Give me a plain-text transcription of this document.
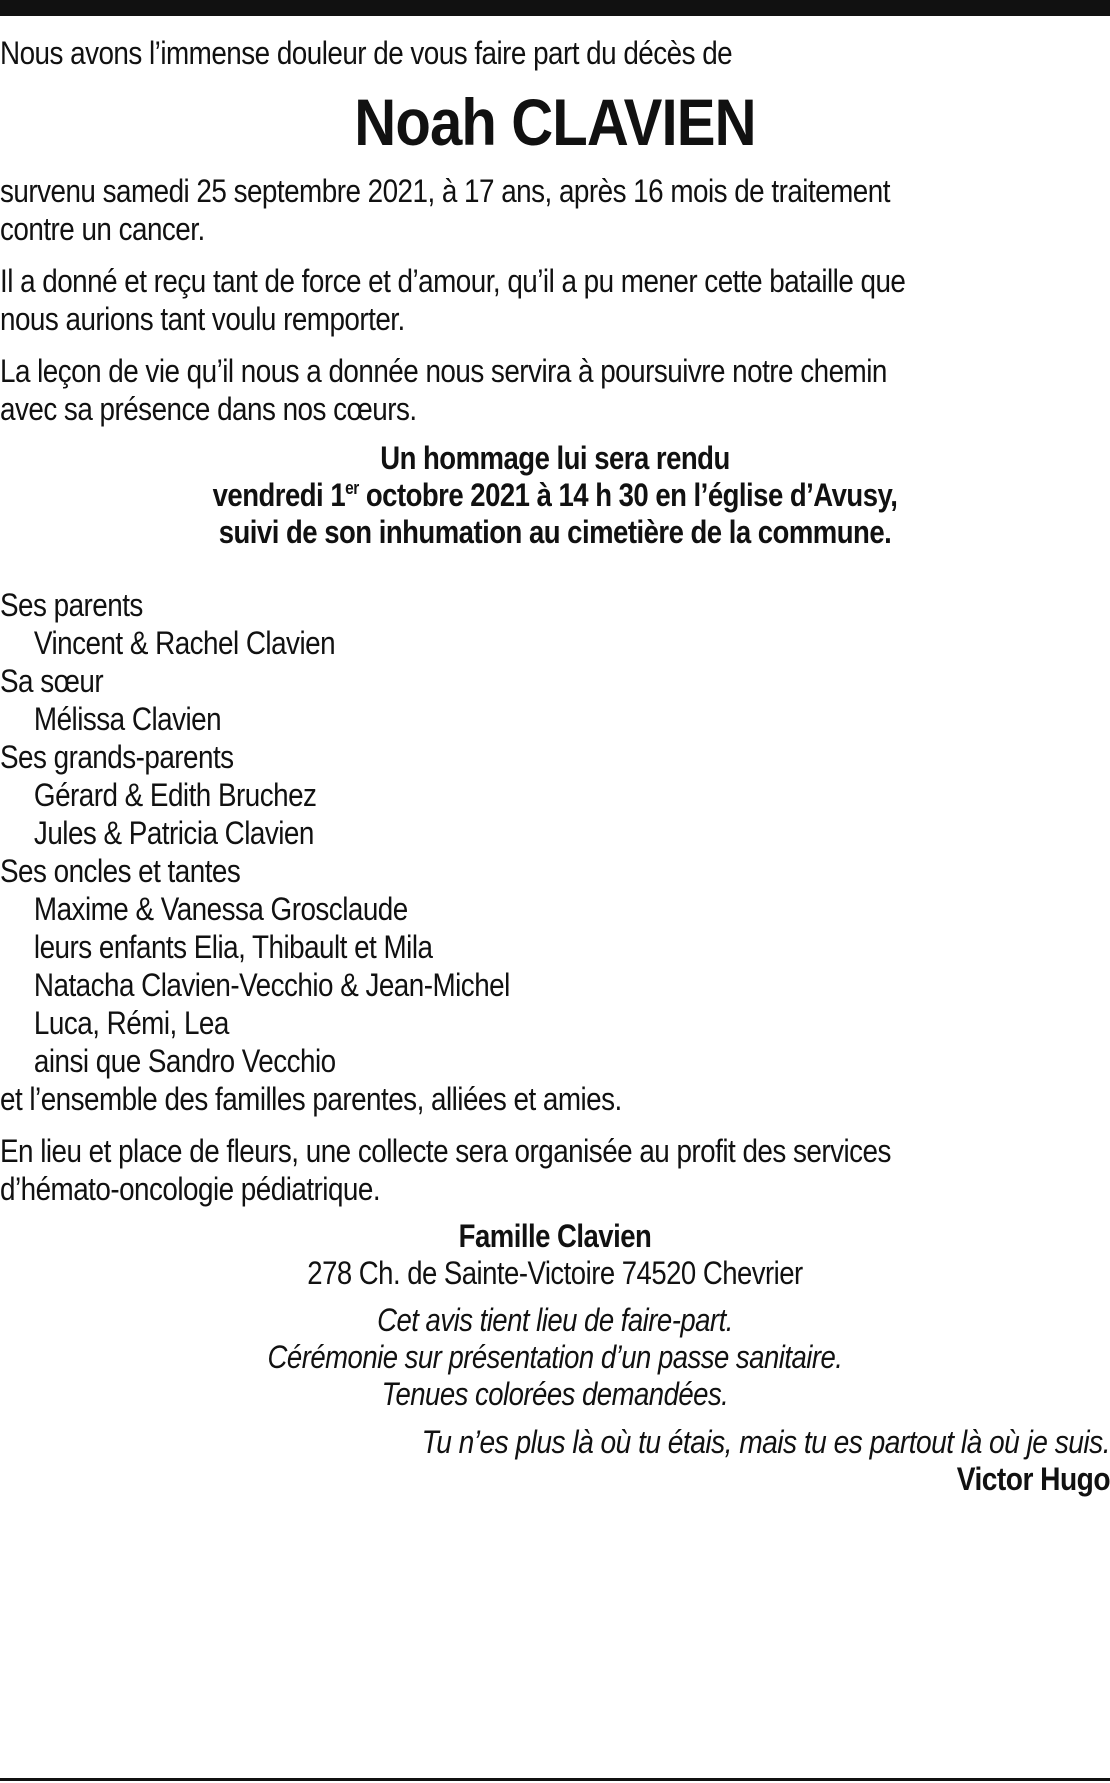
Nous avons l’immense douleur de vous faire part du décès de

Noah CLAVIEN

survenu samedi 25 septembre 2021, à 17 ans, après 16 mois de traitement

contre un cancer.

Il a donné et reçu tant de force et d’amour, qu’il a pu mener cette bataille que

nous aurions tant voulu remporter.

La leçon de vie qu’il nous a donnée nous servira à poursuivre notre chemin

avec sa présence dans nos cœurs.

Un hommage lui sera rendu
vendredi 1er octobre 2021 à 14 h 30 en l’église d’Avusy,
suivi de son inhumation au cimetière de la commune.

Ses parents

Vincent & Rachel Clavien

Sa sœur

Mélissa Clavien

Ses grands-parents

Gérard & Edith Bruchez

Jules & Patricia Clavien

Ses oncles et tantes

Maxime & Vanessa Grosclaude

leurs enfants Elia, Thibault et Mila

Natacha Clavien-Vecchio & Jean-Michel

Luca, Rémi, Lea

ainsi que Sandro Vecchio

et l’ensemble des familles parentes, alliées et amies.

En lieu et place de fleurs, une collecte sera organisée au profit des services

d’hémato-oncologie pédiatrique.

Famille Clavien
278 Ch. de Sainte-Victoire 74520 Chevrier
Cet avis tient lieu de faire-part.
Cérémonie sur présentation d’un passe sanitaire.
Tenues colorées demandées.
Tu n’es plus là où tu étais, mais tu es partout là où je suis.
Victor Hugo
